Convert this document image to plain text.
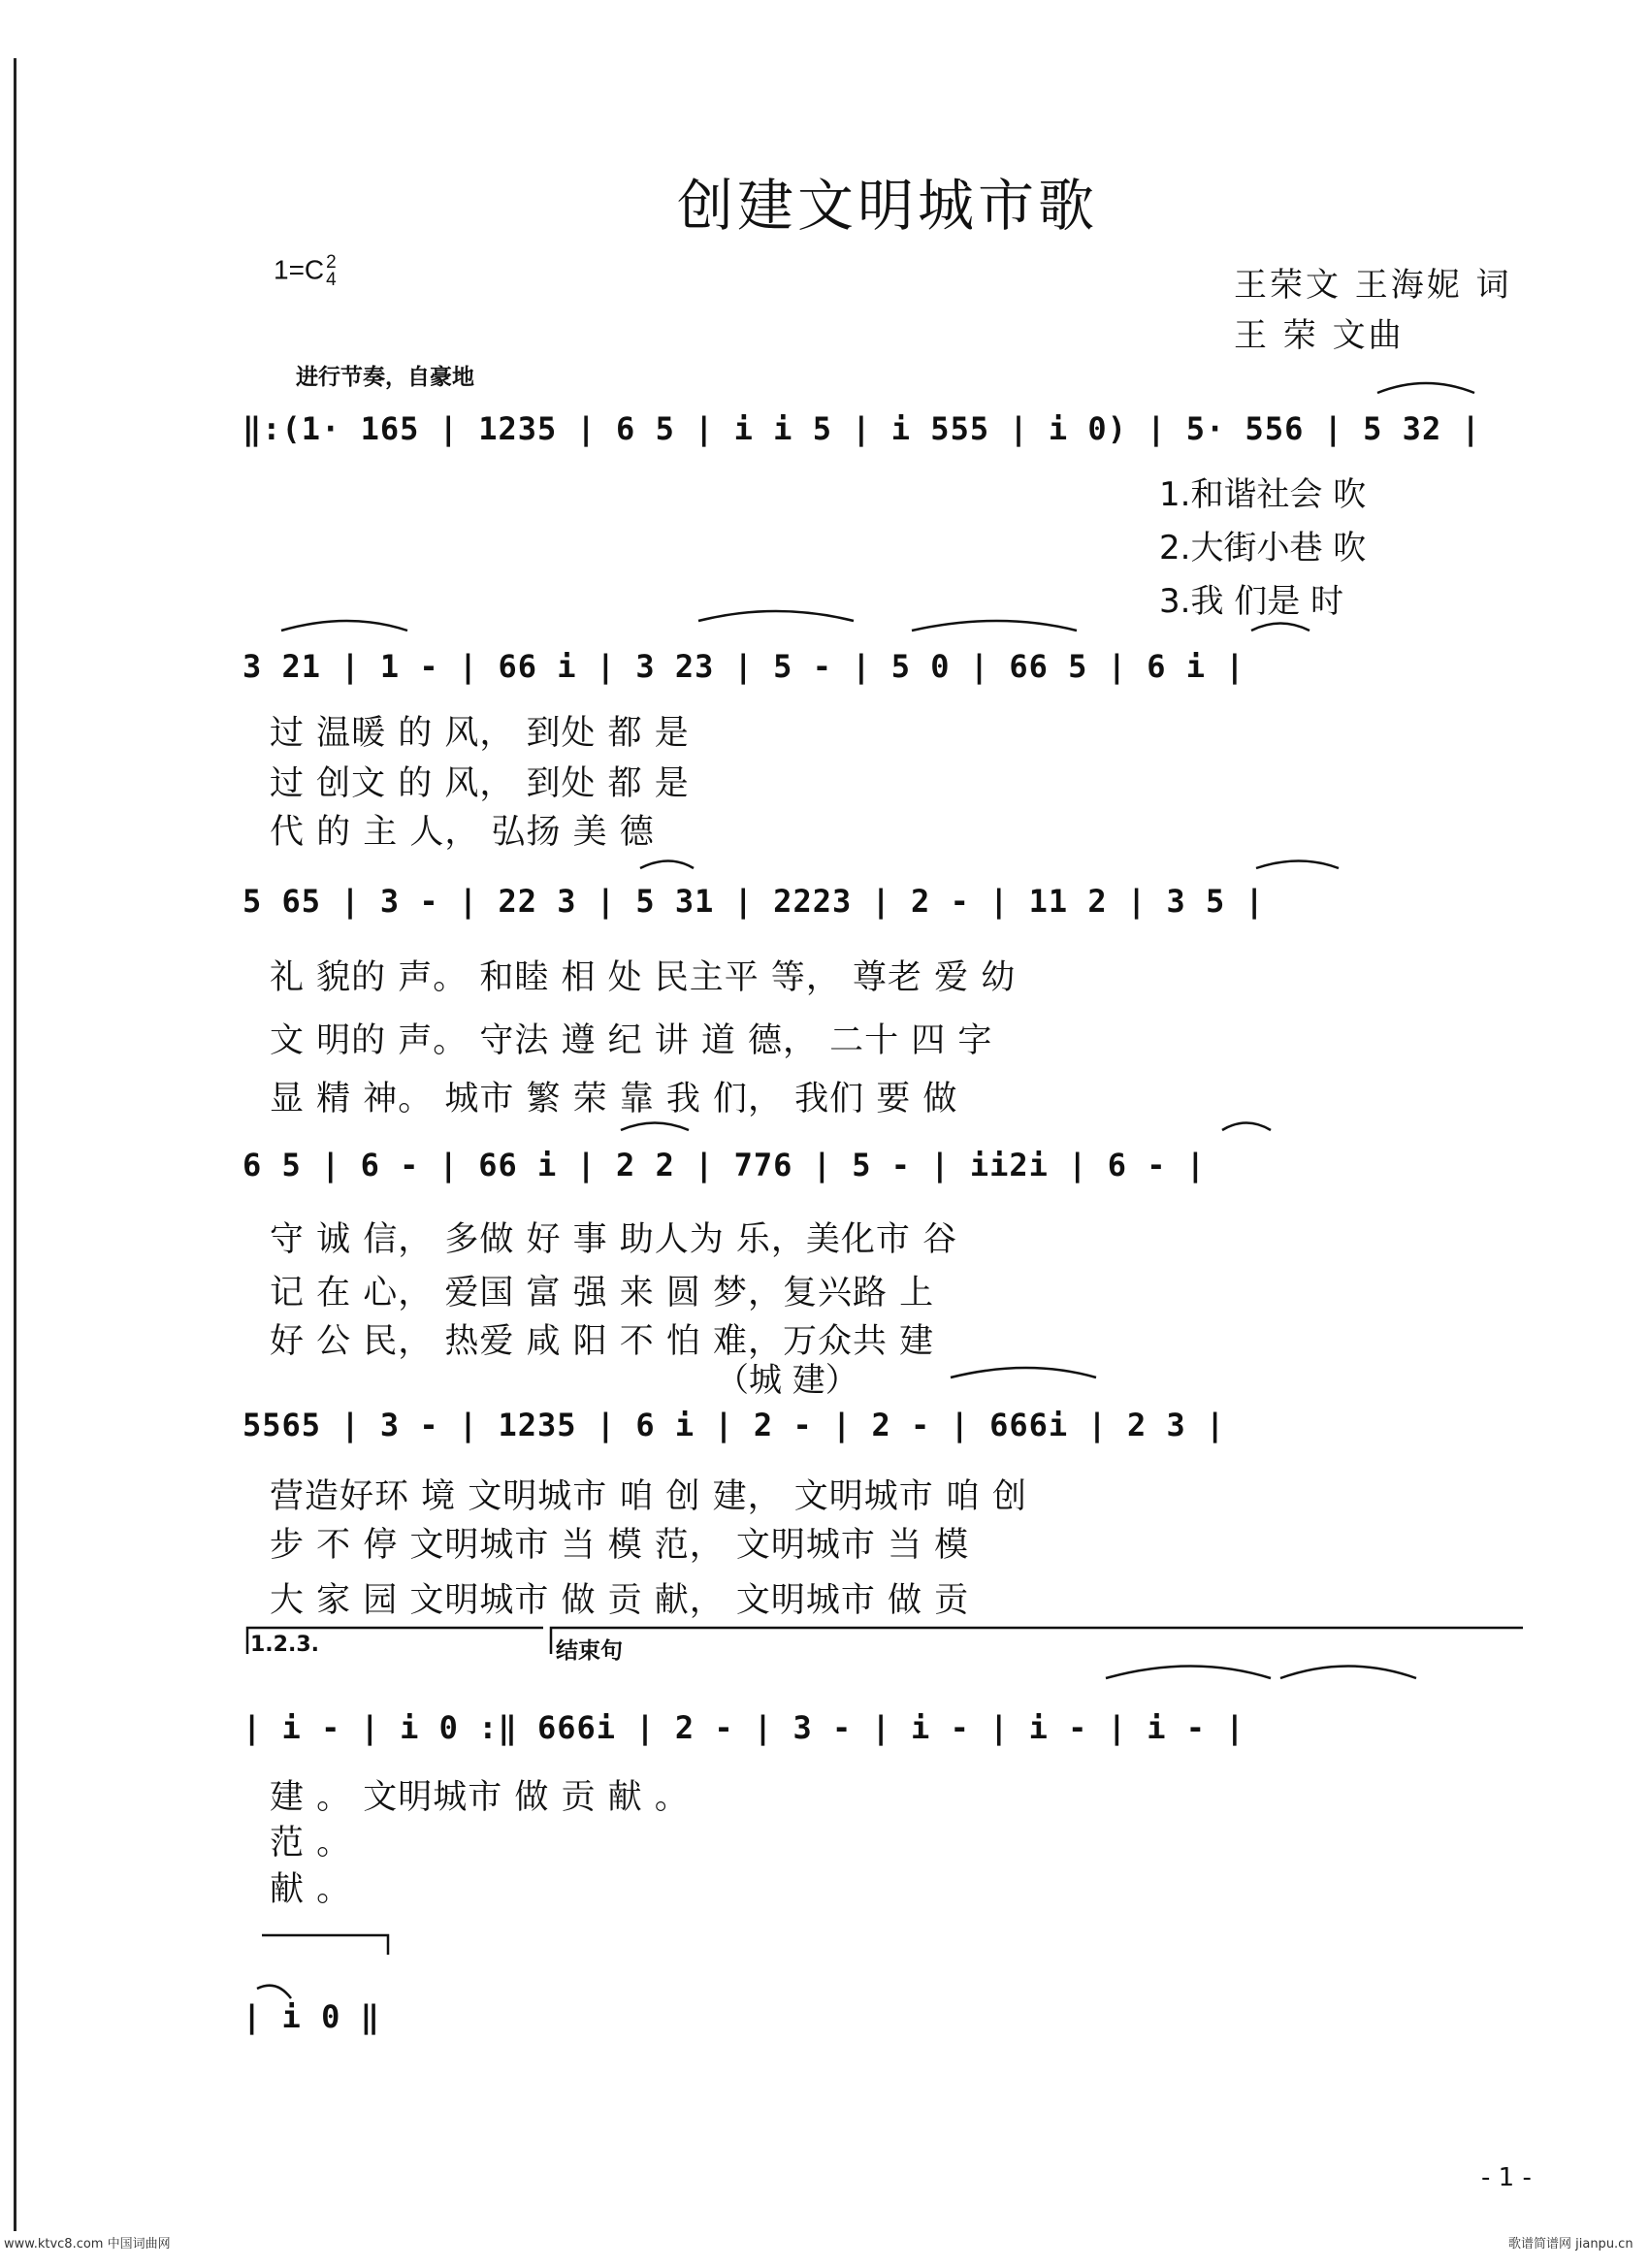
创建文明城市歌
1=C 2
4	王荣文 王海妮 词
王 荣 文曲
进行节奏，自豪地
‖:(1· 165 | 1235 | 6 5 | i i 5 | i 555 | i 0) | 5· 556 | 5 32 |
1.和谐社会 吹
2.大街小巷 吹
3.我 们是 时
3 21 | 1 - | 66 i | 3 23 | 5 - | 5 0 | 66 5 | 6 i |
过 温暖 的 风， 到处 都 是
过 创文 的 风， 到处 都 是
代 的 主 人， 弘扬 美 德
5 65 | 3 - | 22 3 | 5 31 | 2223 | 2 - | 11 2 | 3 5 |
礼 貌的 声。 和睦 相 处 民主平 等， 尊老 爱 幼
文 明的 声。 守法 遵 纪 讲 道 德， 二十 四 字
显 精 神。 城市 繁 荣 靠 我 们， 我们 要 做
6 5 | 6 - | 66 i | 2 2 | 776 | 5 - | ii2i | 6 - |
守 诚 信， 多做 好 事 助人为 乐，美化市 谷
记 在 心， 爱国 富 强 来 圆 梦，复兴路 上
好 公 民， 热爱 咸 阳 不 怕 难，万众共 建
（城 建）
5565 | 3 - | 1235 | 6 i | 2 - | 2 - | 666i | 2 3 |
营造好环 境 文明城市 咱 创 建， 文明城市 咱 创
步 不 停 文明城市 当 模 范， 文明城市 当 模
大 家 园 文明城市 做 贡 献， 文明城市 做 贡
1.2.3.	结束句
| i - | i 0 :‖ 666i | 2 - | 3 - | i - | i - | i - |
建 。 文明城市 做 贡 献 。
范 。
献 。
| i 0 ‖
- 1 -
www.ktvc8.com 中国词曲网	歌谱简谱网 jianpu.cn
